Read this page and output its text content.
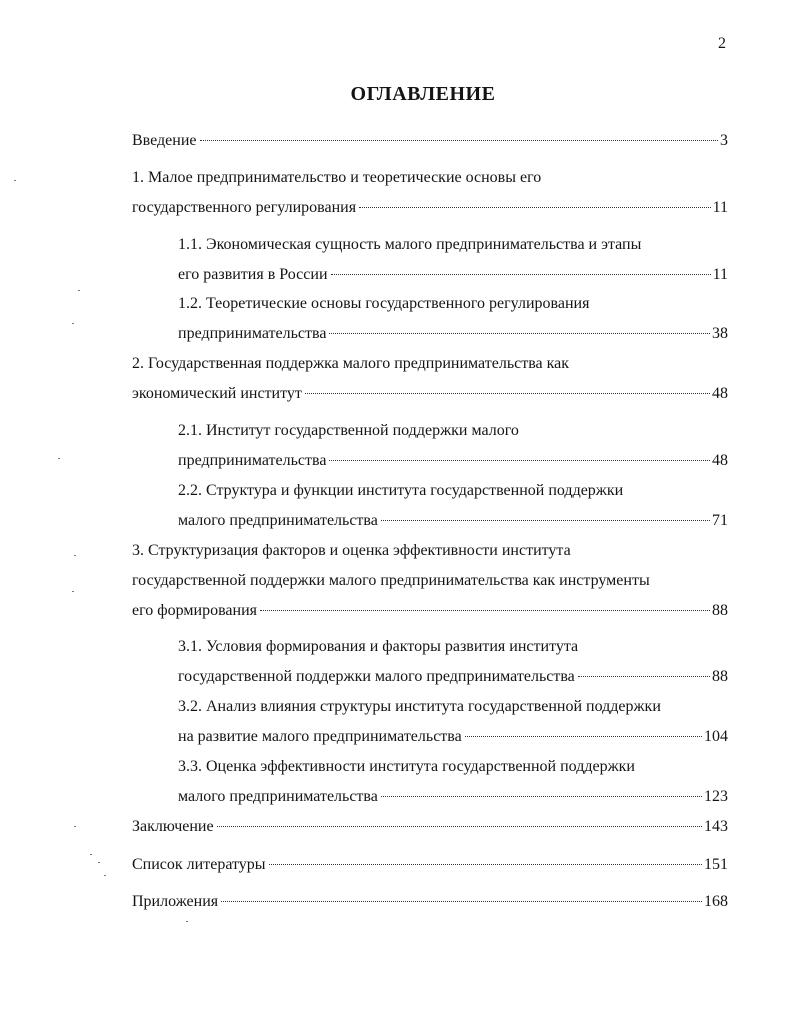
2
ОГЛАВЛЕНИЕ
Введение	3
1. Малое предпринимательство и теоретические основы его
государственного регулирования	11
1.1. Экономическая сущность малого предпринимательства и этапы
его развития в России	11
1.2. Теоретические основы государственного регулирования
предпринимательства	38
2. Государственная поддержка малого предпринимательства как
экономический институт	48
2.1. Институт государственной поддержки малого
предпринимательства	48
2.2. Структура и функции института государственной поддержки
малого предпринимательства	71
3. Структуризация факторов и оценка эффективности института
государственной поддержки малого предпринимательства как инструменты
его формирования	88
3.1. Условия формирования и факторы развития института
государственной поддержки малого предпринимательства	88
3.2. Анализ влияния структуры института государственной поддержки
на развитие малого предпринимательства	104
3.3. Оценка эффективности института государственной поддержки
малого предпринимательства	123
Заключение	143
Список литературы	151
Приложения	168
